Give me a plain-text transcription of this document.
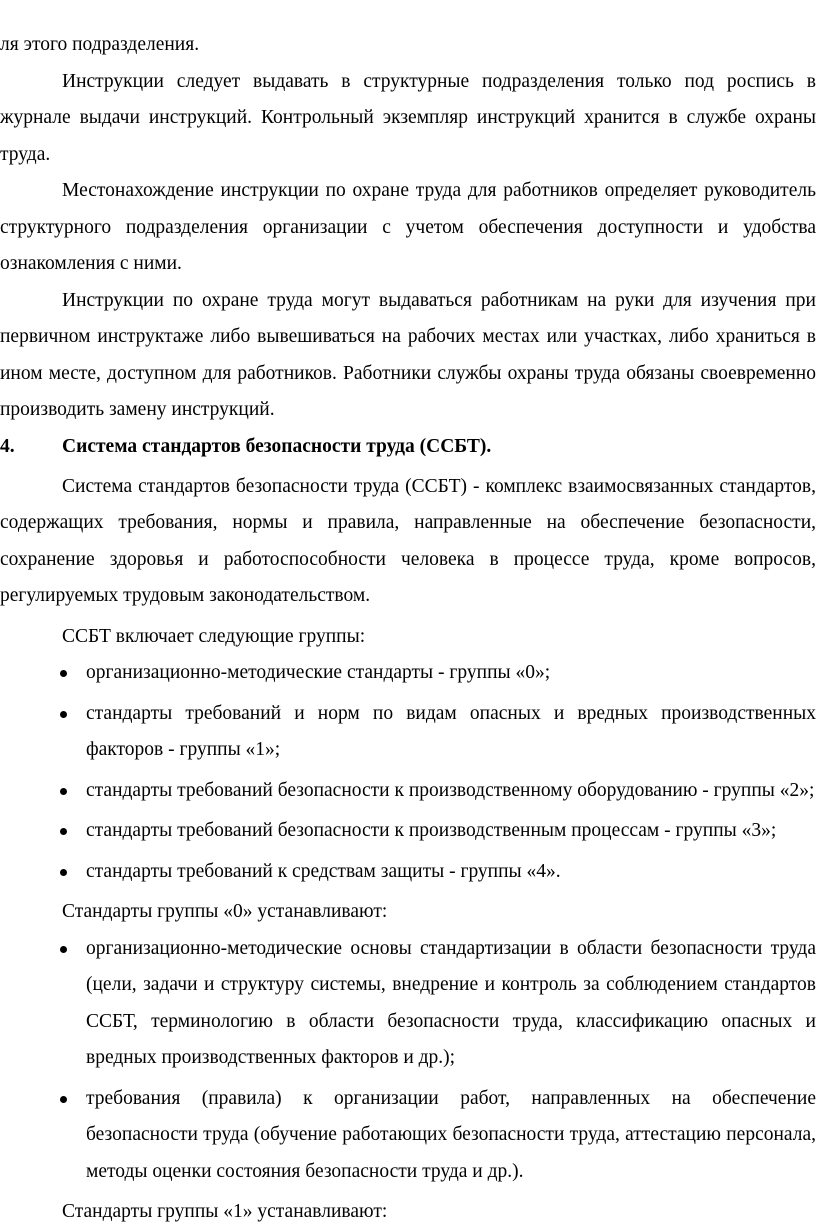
ля этого подразделения.

Инструкции следует выдавать в структурные подразделения только под роспись в журнале выдачи инструкций. Контрольный экземпляр инструкций хранится в службе охраны труда.

Местонахождение инструкции по охране труда для работников определяет руководитель структурного подразделения организации с учетом обеспечения доступности и удобства ознакомления с ними.

Инструкции по охране труда могут выдаваться работникам на руки для изучения при первичном инструктаже либо вывешиваться на рабочих местах или участках, либо храниться в ином месте, доступном для работников. Работники службы охраны труда обязаны своевременно производить замену инструкций.

4.	Система стандартов безопасности труда (ССБТ).

Система стандартов безопасности труда (ССБТ) - комплекс взаимосвязанных стандартов, содержащих требования, нормы и правила, направленные на обеспечение безопасности, сохранение здоровья и работоспособности человека в процессе труда, кроме вопросов, регулируемых трудовым законодательством.

ССБТ включает следующие группы:

организационно-методические стандарты - группы «0»;
стандарты требований и норм по видам опасных и вредных производственных факторов - группы «1»;
стандарты требований безопасности к производственному оборудованию - группы «2»;
стандарты требований безопасности к производственным процессам - группы «3»;
стандарты требований к средствам защиты - группы «4».

Стандарты группы «0» устанавливают:

организационно-методические основы стандартизации в области безопасности труда (цели, задачи и структуру системы, внедрение и контроль за соблюдением стандартов ССБТ, терминологию в области безопасности труда, классификацию опасных и вредных производственных факторов и др.);
требования (правила) к организации работ, направленных на обеспечение безопасности труда (обучение работающих безопасности труда, аттестацию персонала, методы оценки состояния безопасности труда и др.).

Стандарты группы «1» устанавливают:
